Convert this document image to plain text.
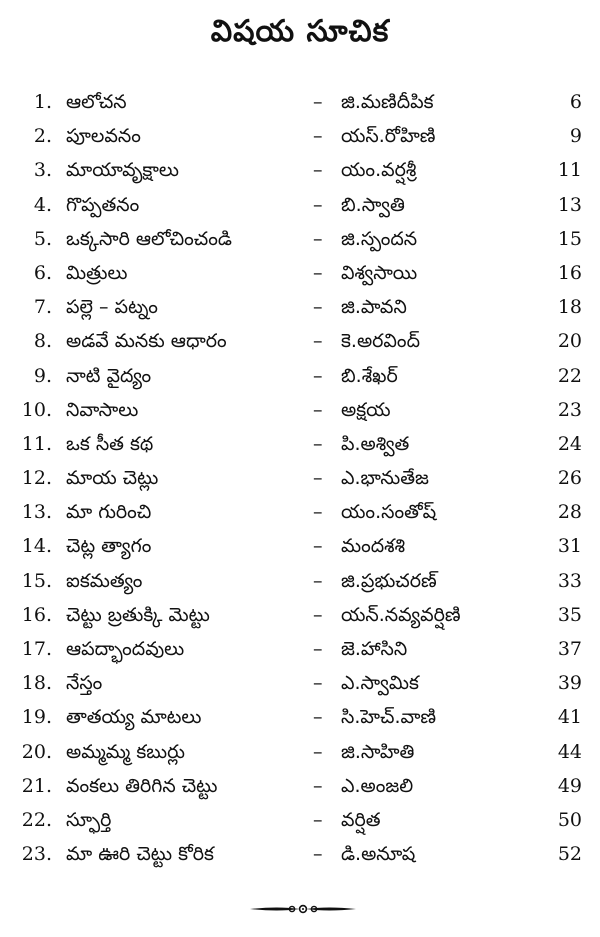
విషయ సూచిక
1. ఆలోచన	– జి.మణిదీపిక	6
2. పూలవనం	– యస్.రోహిణి	9
3. మాయావృక్షాలు	– యం.వర్షశ్రీ	11
4. గొప్పతనం	– బి.స్వాతి	13
5. ఒక్కసారి ఆలోచించండి	– జి.స్పందన	15
6. మిత్రులు	– విశ్వసాయి	16
7. పల్లె – పట్నం	– జి.పావని	18
8. అడవే మనకు ఆధారం	– కె.అరవింద్	20
9. నాటి వైద్యం	– బి.శేఖర్	22
10. నివాసాలు	– అక్షయ	23
11. ఒక సీత కథ	– పి.అశ్విత	24
12. మాయ చెట్లు	– ఎ.భానుతేజ	26
13. మా గురించి	– యం.సంతోష్	28
14. చెట్ల త్యాగం	– మందశశి	31
15. ఐకమత్యం	– జి.ప్రభుచరణ్	33
16. చెట్టు బ్రతుక్కి మెట్టు	– యన్.నవ్యవర్షిణి	35
17. ఆపద్భాందవులు	– జె.హాసిని	37
18. నేస్తం	– ఎ.స్వామిక	39
19. తాతయ్య మాటలు	– సి.హెచ్.వాణి	41
20. అమ్మమ్మ కబుర్లు	– జి.సాహితి	44
21. వంకలు తిరిగిన చెట్టు	– ఎ.అంజలి	49
22. స్ఫూర్తి	– వర్షిత	50
23. మా ఊరి చెట్టు కోరిక	– డి.అనూష	52
